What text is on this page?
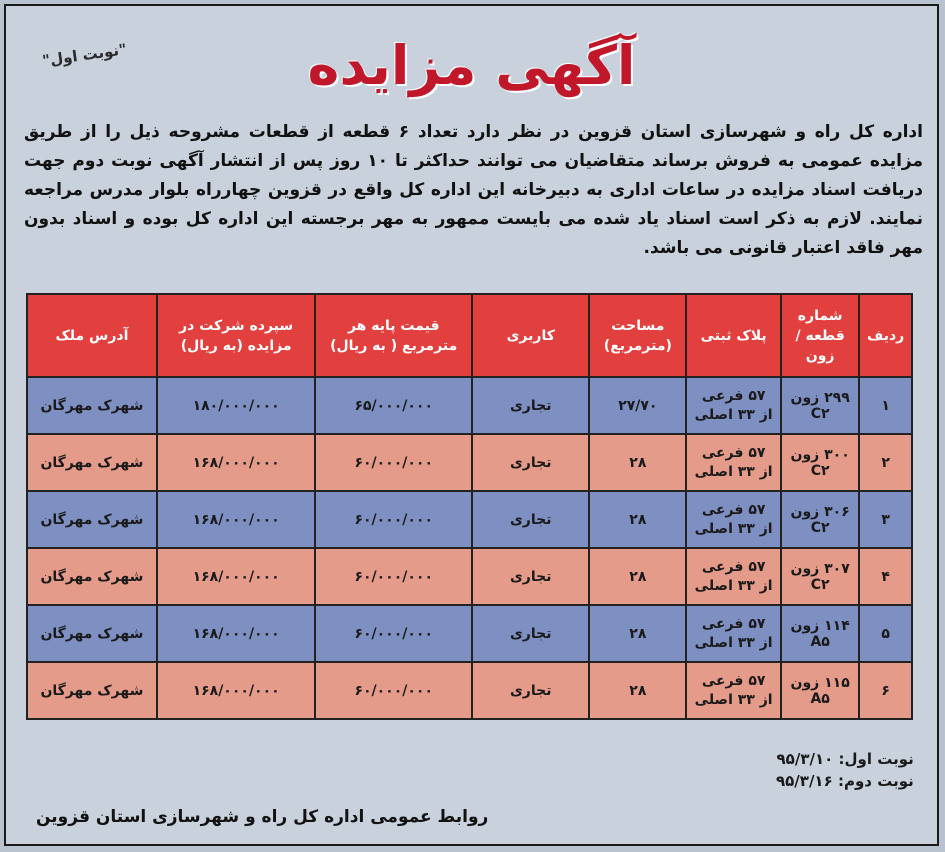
"نوبت اول"	آگهی مزایده
اداره کل راه و شهرسازی استان قزوین در نظر دارد تعداد ۶ قطعه از قطعات مشروحه ذیل را از طریق مزایده عمومی به فروش برساند متقاضیان می توانند حداکثر تا ۱۰ روز پس از انتشار آگهی نوبت دوم جهت دریافت اسناد مزایده در ساعات اداری به دبیرخانه این اداره کل واقع در قزوین چهارراه بلوار مدرس مراجعه نمایند. لازم به ذکر است اسناد یاد شده می بایست ممهور به مهر برجسته این اداره کل بوده و اسناد بدون مهر فاقد اعتبار قانونی می باشد.
ردیف	شماره قطعه /زون	پلاک ثبتی	مساحت (مترمربع)	کاربری	قیمت پایه هر مترمربع ( به ریال)	سپرده شرکت در مزایده (به ریال)	آدرس ملک
۱	۲۹۹ زون C۲	۵۷ فرعی از ۳۳ اصلی	۲۷/۷۰	تجاری	۶۵/۰۰۰/۰۰۰	۱۸۰/۰۰۰/۰۰۰	شهرک مهرگان
۲	۳۰۰ زون C۲	۵۷ فرعی از ۳۳ اصلی	۲۸	تجاری	۶۰/۰۰۰/۰۰۰	۱۶۸/۰۰۰/۰۰۰	شهرک مهرگان
۳	۳۰۶ زون C۲	۵۷ فرعی از ۳۳ اصلی	۲۸	تجاری	۶۰/۰۰۰/۰۰۰	۱۶۸/۰۰۰/۰۰۰	شهرک مهرگان
۴	۳۰۷ زون C۲	۵۷ فرعی از ۳۳ اصلی	۲۸	تجاری	۶۰/۰۰۰/۰۰۰	۱۶۸/۰۰۰/۰۰۰	شهرک مهرگان
۵	۱۱۴ زون A۵	۵۷ فرعی از ۳۳ اصلی	۲۸	تجاری	۶۰/۰۰۰/۰۰۰	۱۶۸/۰۰۰/۰۰۰	شهرک مهرگان
۶	۱۱۵ زون A۵	۵۷ فرعی از ۳۳ اصلی	۲۸	تجاری	۶۰/۰۰۰/۰۰۰	۱۶۸/۰۰۰/۰۰۰	شهرک مهرگان
نوبت اول: ۹۵/۳/۱۰
نوبت دوم: ۹۵/۳/۱۶
روابط عمومی اداره کل راه و شهرسازی استان قزوین
